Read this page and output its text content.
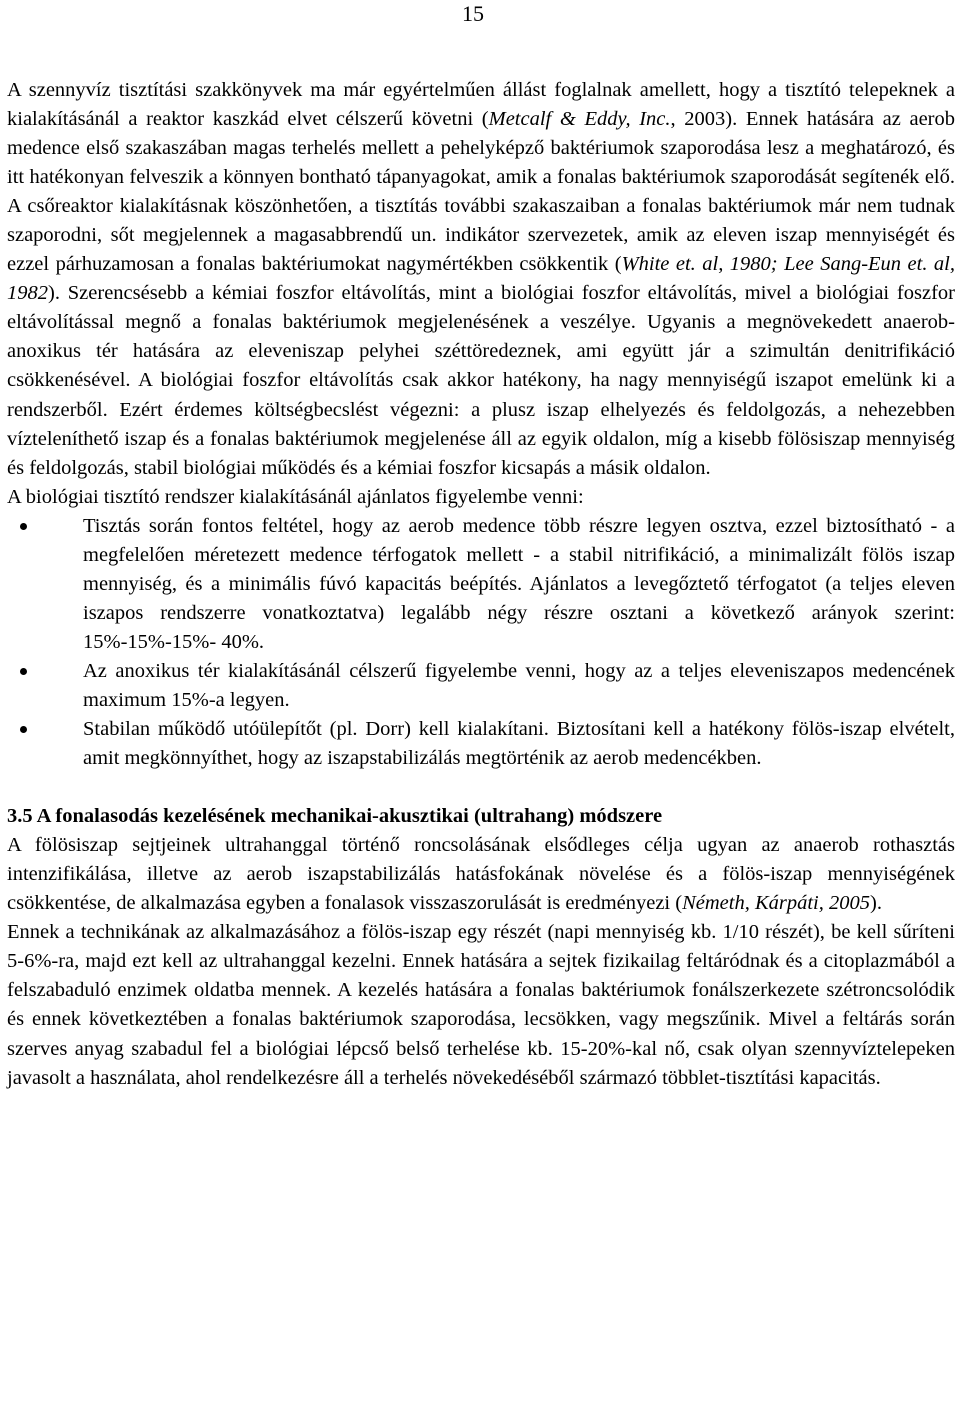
15

A szennyvíz tisztítási szakkönyvek ma már egyértelműen állást foglalnak amellett, hogy a tisztító telepeknek a kialakításánál a reaktor kaszkád elvet célszerű követni (Metcalf & Eddy, Inc., 2003). Ennek hatására az aerob medence első szakaszában magas terhelés mellett a pehelyképző baktériumok szaporodása lesz a meghatározó, és itt hatékonyan felveszik a könnyen bontható tápanyagokat, amik a fonalas baktériumok szaporodását segítenék elő. A csőreaktor kialakításnak köszönhetően, a tisztítás további szakaszaiban a fonalas baktériumok már nem tudnak szaporodni, sőt megjelennek a magasabbrendű un. indikátor szervezetek, amik az eleven iszap mennyiségét és ezzel párhuzamosan a fonalas baktériumokat nagymértékben csökkentik (White et. al, 1980; Lee Sang-Eun et. al, 1982). Szerencsésebb a kémiai foszfor eltávolítás, mint a biológiai foszfor eltávolítás, mivel a biológiai foszfor eltávolítással megnő a fonalas baktériumok megjelenésének a veszélye. Ugyanis a megnövekedett anaerob-anoxikus tér hatására az eleveniszap pelyhei széttöredeznek, ami együtt jár a szimultán denitrifikáció csökkenésével. A biológiai foszfor eltávolítás csak akkor hatékony, ha nagy mennyiségű iszapot emelünk ki a rendszerből. Ezért érdemes költségbecslést végezni: a plusz iszap elhelyezés és feldolgozás, a nehezebben vízteleníthető iszap és a fonalas baktériumok megjelenése áll az egyik oldalon, míg a kisebb fölösiszap mennyiség és feldolgozás, stabil biológiai működés és a kémiai foszfor kicsapás a másik oldalon.

A biológiai tisztító rendszer kialakításánál ajánlatos figyelembe venni:

Tisztás során fontos feltétel, hogy az aerob medence több részre legyen osztva, ezzel biztosítható - a megfelelően méretezett medence térfogatok mellett - a stabil nitrifikáció, a minimalizált fölös iszap mennyiség, és a minimális fúvó kapacitás beépítés. Ajánlatos a levegőztető térfogatot (a teljes eleven iszapos rendszerre vonatkoztatva) legalább négy részre osztani a következő arányok szerint: 15%-15%-15%- 40%.
Az anoxikus tér kialakításánál célszerű figyelembe venni, hogy az a teljes eleveniszapos medencének maximum 15%-a legyen.
Stabilan működő utóülepítőt (pl. Dorr) kell kialakítani. Biztosítani kell a hatékony fölös-iszap elvételt, amit megkönnyíthet, hogy az iszapstabilizálás megtörténik az aerob medencékben.
3.5 A fonalasodás kezelésének mechanikai-akusztikai (ultrahang) módszere

A fölösiszap sejtjeinek ultrahanggal történő roncsolásának elsődleges célja ugyan az anaerob rothasztás intenzifikálása, illetve az aerob iszapstabilizálás hatásfokának növelése és a fölös-iszap mennyiségének csökkentése, de alkalmazása egyben a fonalasok visszaszorulását is eredményezi (Németh, Kárpáti, 2005).

Ennek a technikának az alkalmazásához a fölös-iszap egy részét (napi mennyiség kb. 1/10 részét), be kell sűríteni 5-6%-ra, majd ezt kell az ultrahanggal kezelni. Ennek hatására a sejtek fizikailag feltáródnak és a citoplazmából a felszabaduló enzimek oldatba mennek. A kezelés hatására a fonalas baktériumok fonálszerkezete szétroncsolódik és ennek következtében a fonalas baktériumok szaporodása, lecsökken, vagy megszűnik. Mivel a feltárás során szerves anyag szabadul fel a biológiai lépcső belső terhelése kb. 15-20%-kal nő, csak olyan szennyvíztelepeken javasolt a használata, ahol rendelkezésre áll a terhelés növekedéséből származó többlet-tisztítási kapacitás.
